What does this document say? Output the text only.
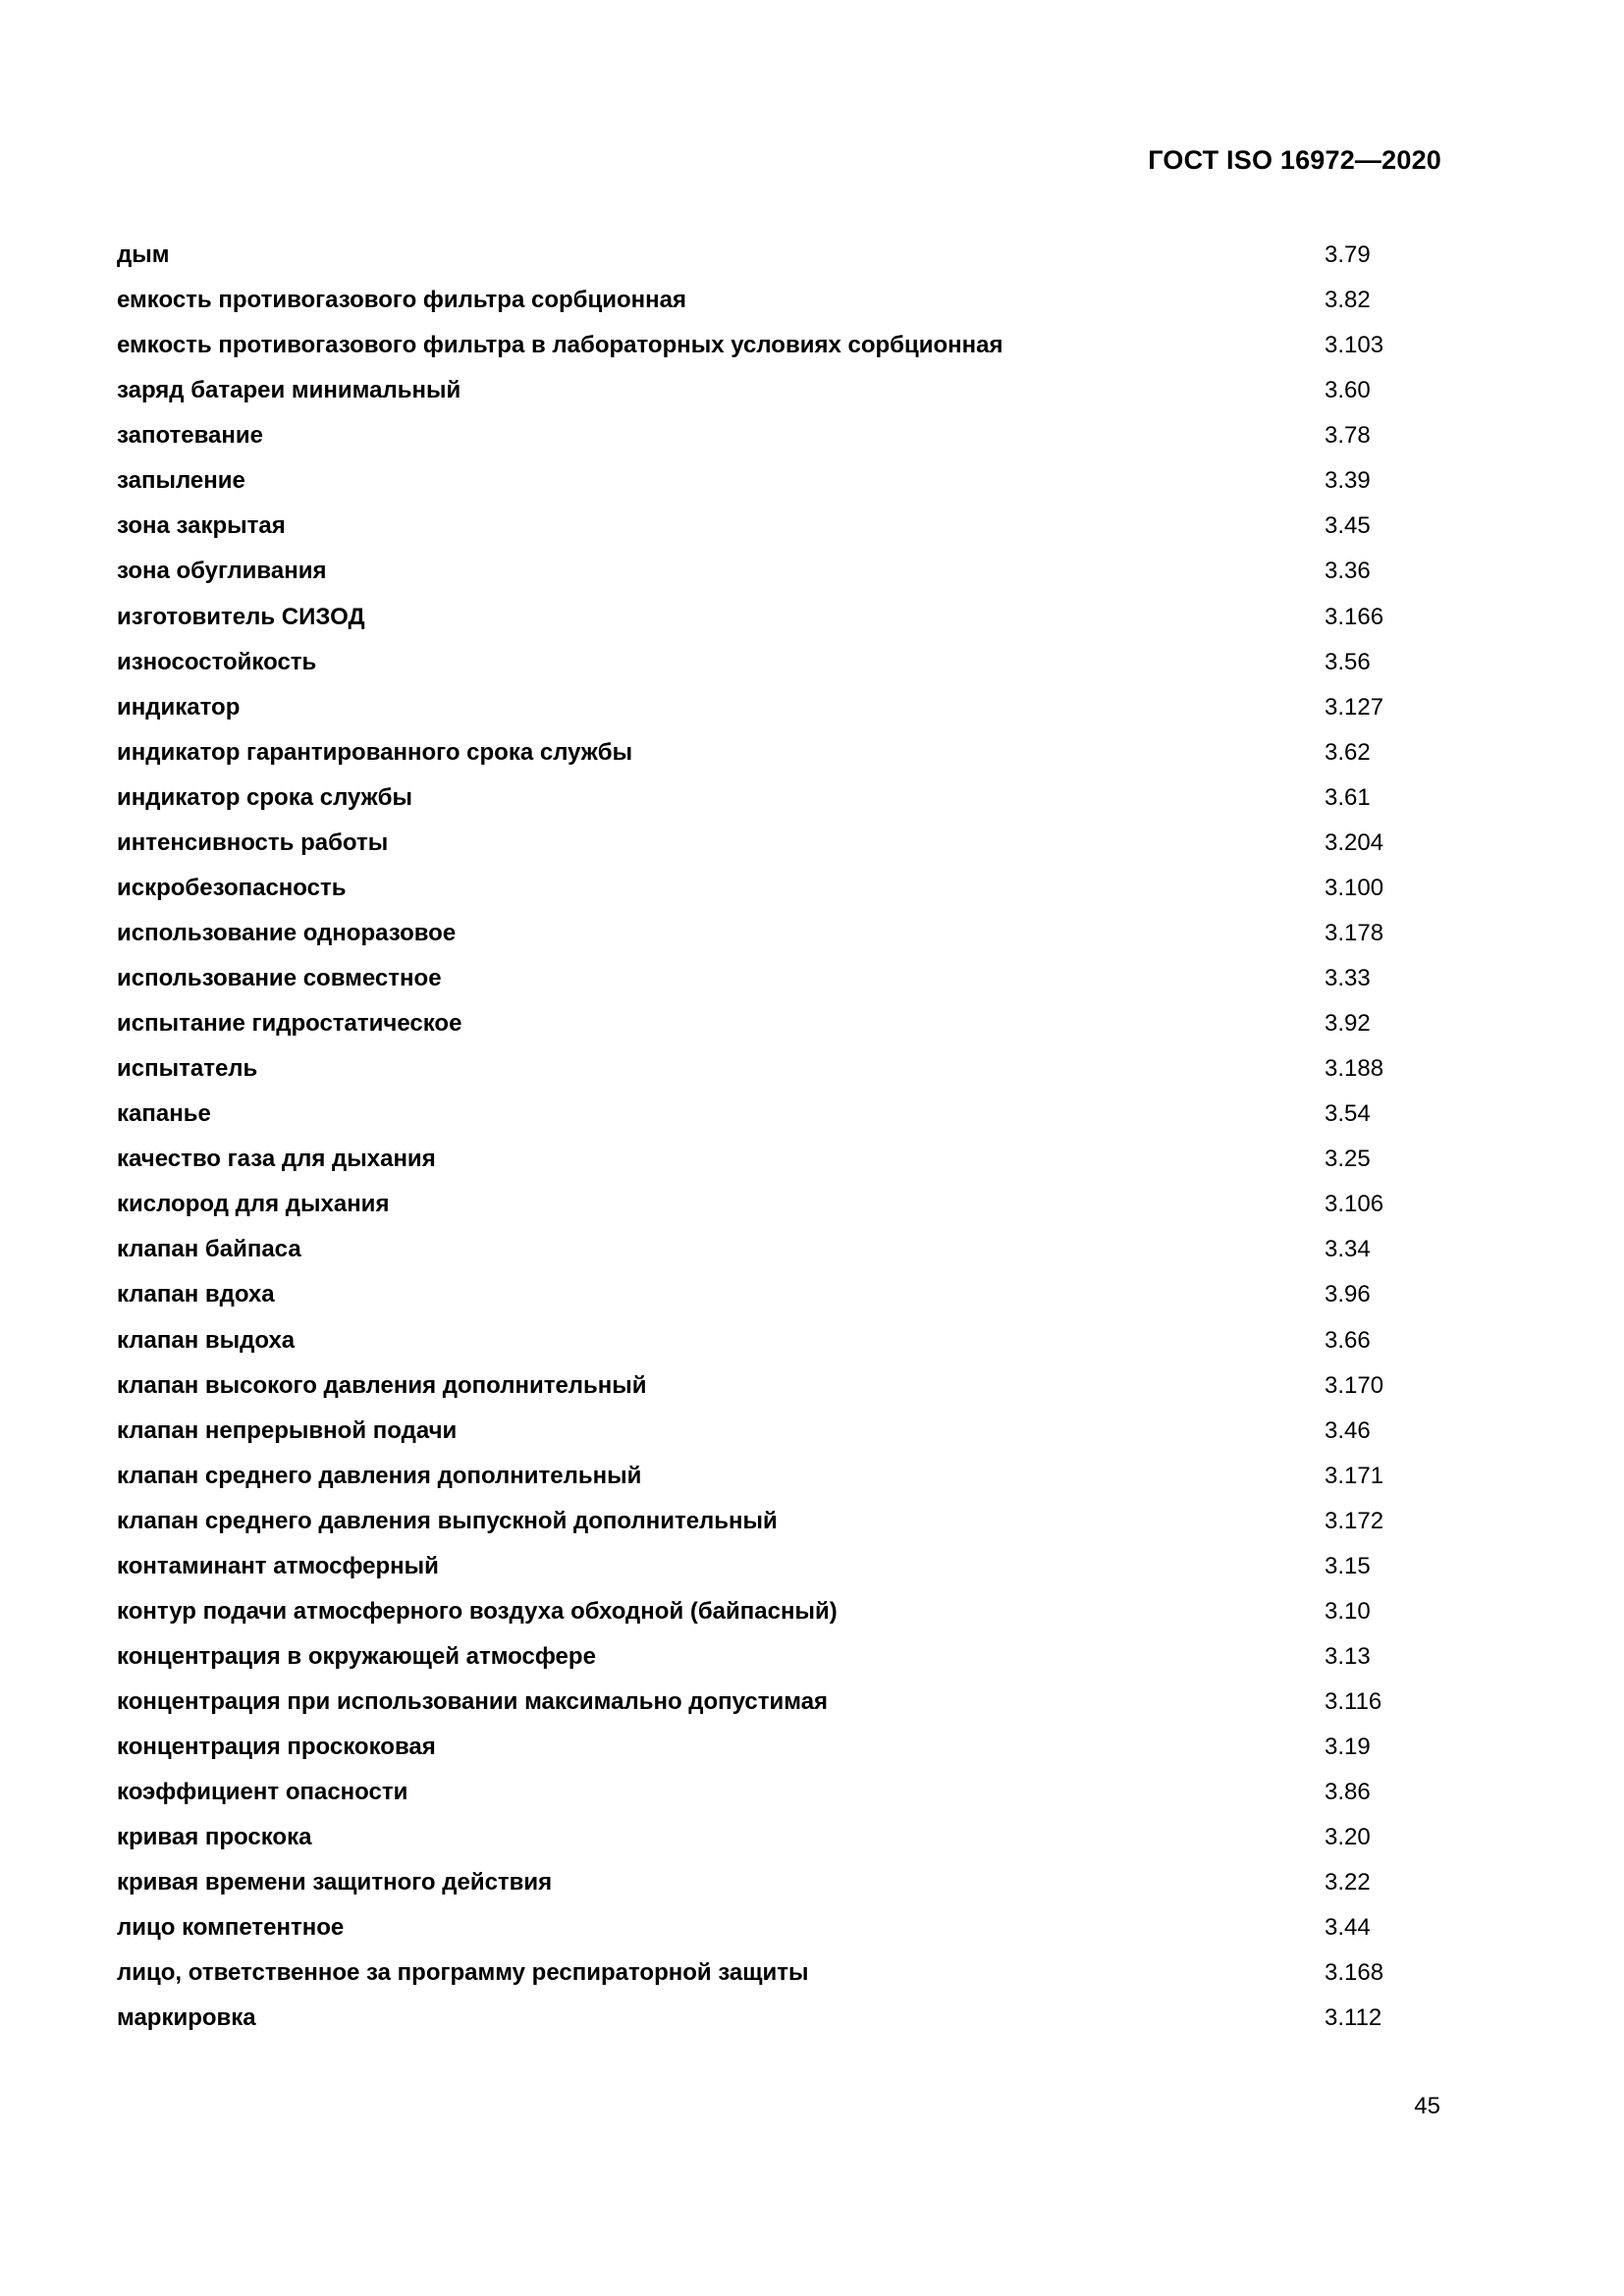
ГОСТ ISO 16972—2020
дым	3.79
емкость противогазового фильтра сорбционная	3.82
емкость противогазового фильтра в лабораторных условиях сорбционная	3.103
заряд батареи минимальный	3.60
запотевание	3.78
запыление	3.39
зона закрытая	3.45
зона обугливания	3.36
изготовитель СИЗОД	3.166
износостойкость	3.56
индикатор	3.127
индикатор гарантированного срока службы	3.62
индикатор срока службы	3.61
интенсивность работы	3.204
искробезопасность	3.100
использование одноразовое	3.178
использование совместное	3.33
испытание гидростатическое	3.92
испытатель	3.188
капанье	3.54
качество газа для дыхания	3.25
кислород для дыхания	3.106
клапан байпаса	3.34
клапан вдоха	3.96
клапан выдоха	3.66
клапан высокого давления дополнительный	3.170
клапан непрерывной подачи	3.46
клапан среднего давления дополнительный	3.171
клапан среднего давления выпускной дополнительный	3.172
контаминант атмосферный	3.15
контур подачи атмосферного воздуха обходной (байпасный)	3.10
концентрация в окружающей атмосфере	3.13
концентрация при использовании максимально допустимая	3.116
концентрация проскоковая	3.19
коэффициент опасности	3.86
кривая проскока	3.20
кривая времени защитного действия	3.22
лицо компетентное	3.44
лицо, ответственное за программу респираторной защиты	3.168
маркировка	3.112
45
